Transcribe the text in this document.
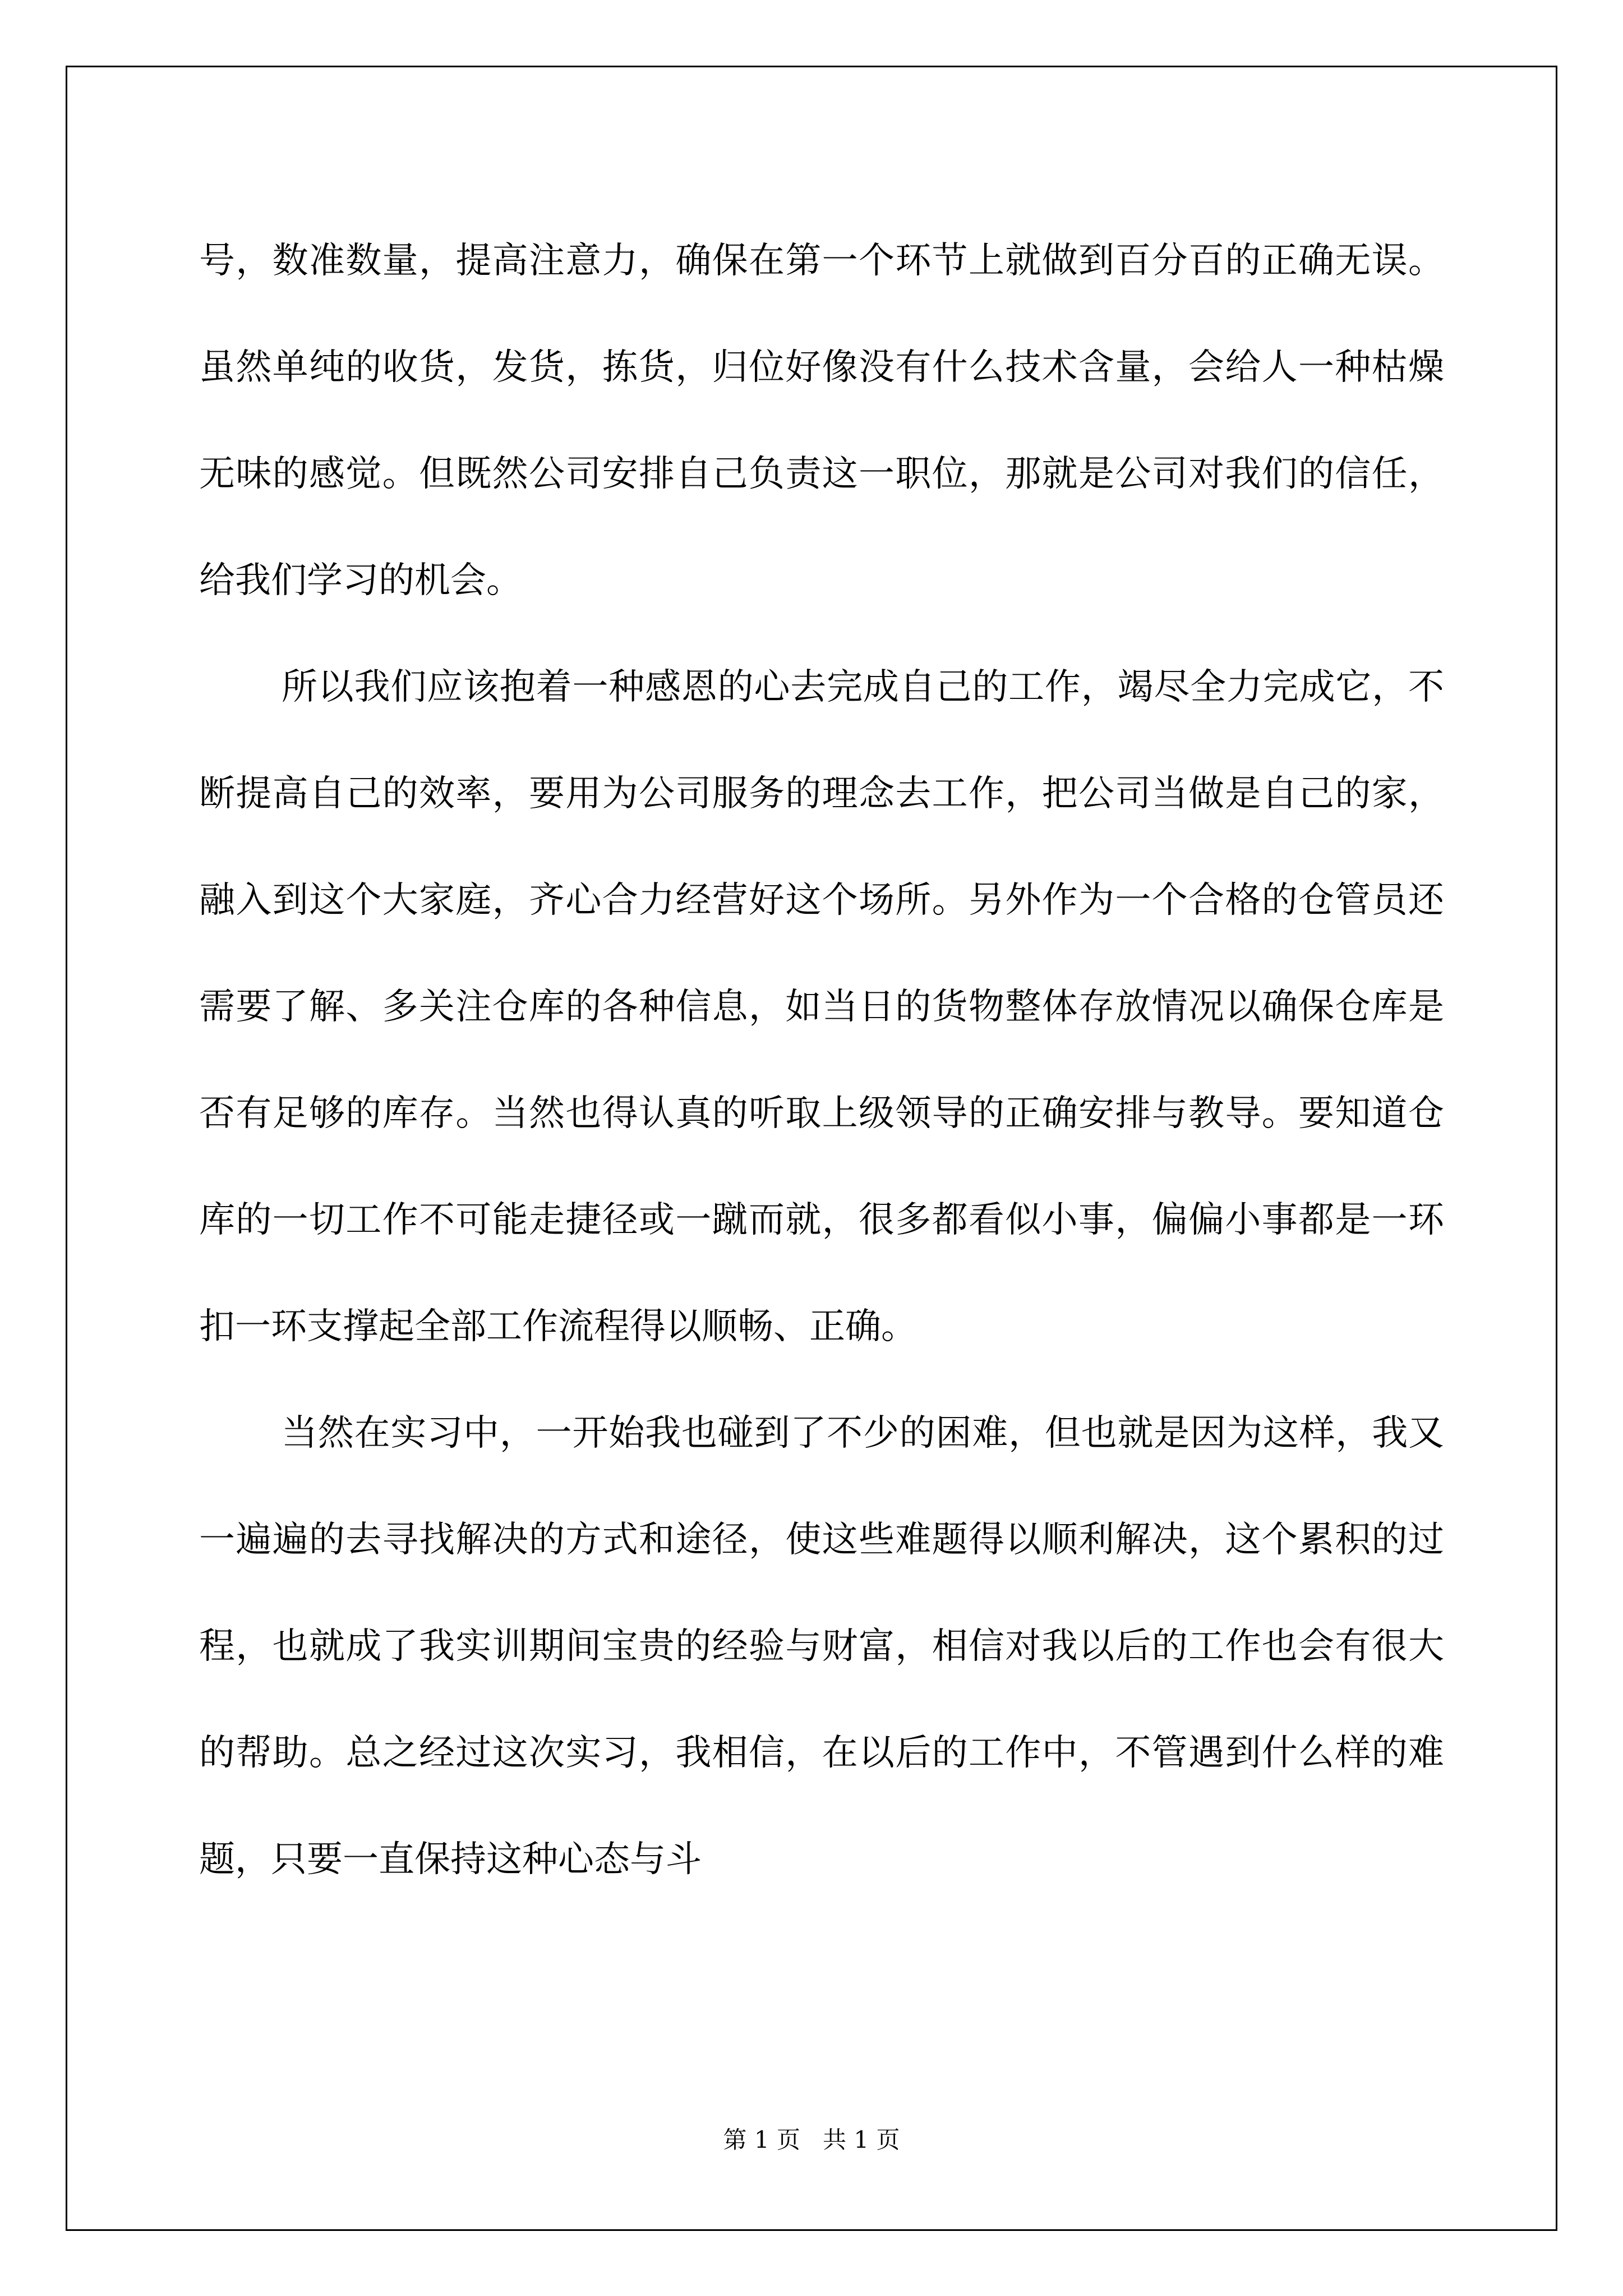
号，数准数量，提高注意力，确保在第一个环节上就做到百分百的正确无误。虽然单纯的收货，发货，拣货，归位好像没有什么技术含量，会给人一种枯燥无味的感觉。但既然公司安排自己负责这一职位，那就是公司对我们的信任，给我们学习的机会。

所以我们应该抱着一种感恩的心去完成自己的工作，竭尽全力完成它，不断提高自己的效率，要用为公司服务的理念去工作，把公司当做是自己的家，融入到这个大家庭，齐心合力经营好这个场所。另外作为一个合格的仓管员还需要了解、多关注仓库的各种信息，如当日的货物整体存放情况以确保仓库是否有足够的库存。当然也得认真的听取上级领导的正确安排与教导。要知道仓库的一切工作不可能走捷径或一蹴而就，很多都看似小事，偏偏小事都是一环扣一环支撑起全部工作流程得以顺畅、正确。

当然在实习中，一开始我也碰到了不少的困难，但也就是因为这样，我又一遍遍的去寻找解决的方式和途径，使这些难题得以顺利解决，这个累积的过程，也就成了我实训期间宝贵的经验与财富，相信对我以后的工作也会有很大的帮助。总之经过这次实习，我相信，在以后的工作中，不管遇到什么样的难题，只要一直保持这种心态与斗

第 1 页   共 1 页
